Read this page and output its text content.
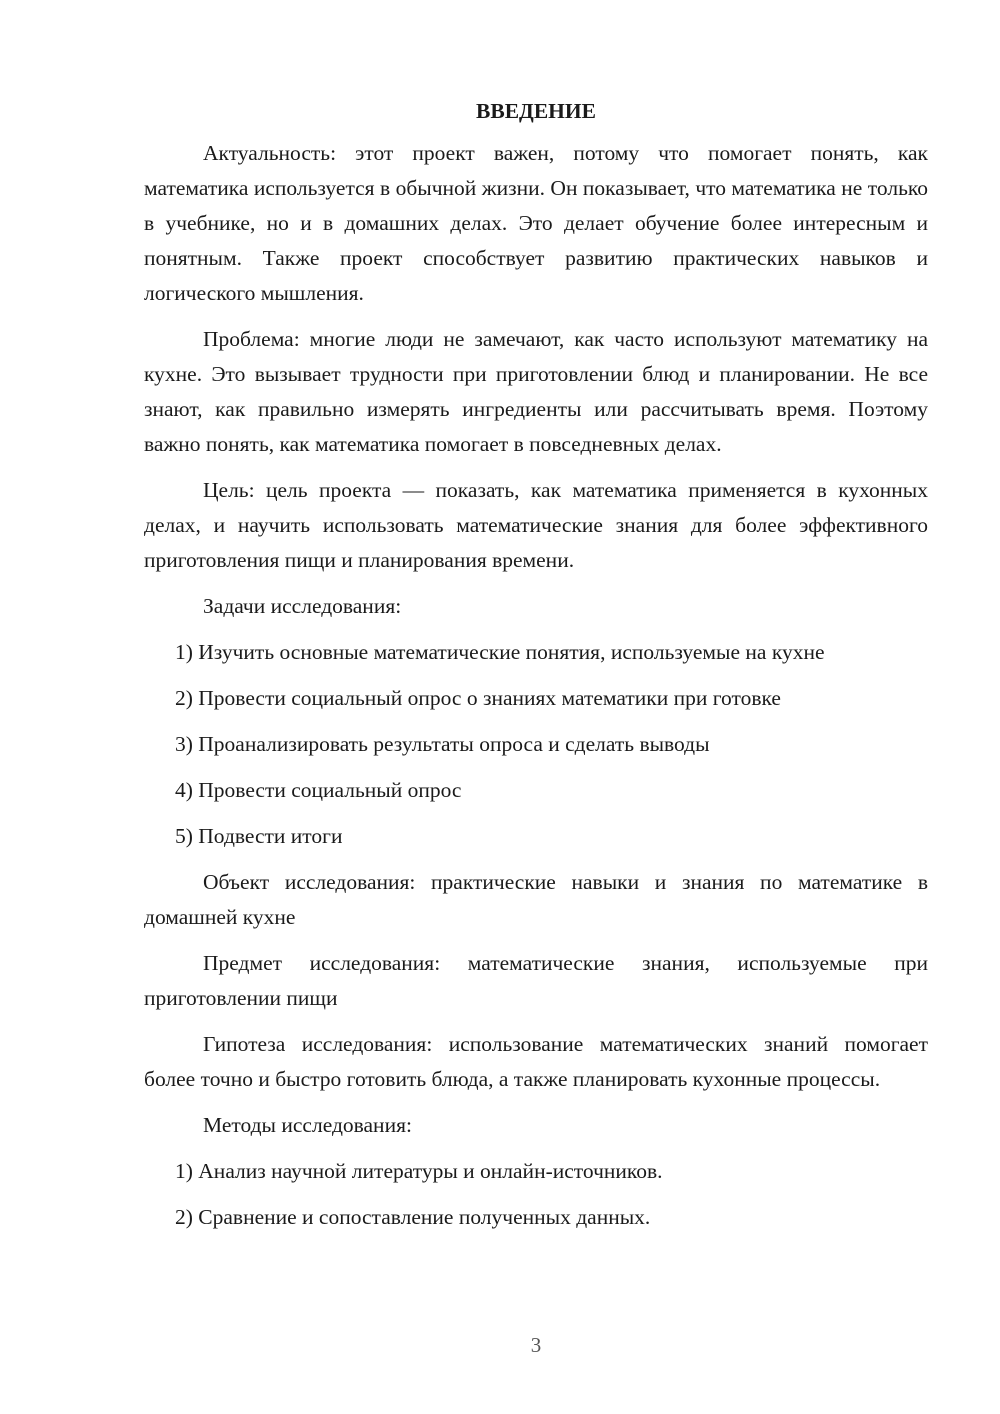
ВВЕДЕНИЕ

Актуальность: этот проект важен, потому что помогает понять, как математика используется в обычной жизни. Он показывает, что математика не только в учебнике, но и в домашних делах. Это делает обучение более интересным и понятным. Также проект способствует развитию практических навыков и логического мышления.

Проблема: многие люди не замечают, как часто используют математику на кухне. Это вызывает трудности при приготовлении блюд и планировании. Не все знают, как правильно измерять ингредиенты или рассчитывать время. Поэтому важно понять, как математика помогает в повседневных делах.

Цель: цель проекта — показать, как математика применяется в кухонных делах, и научить использовать математические знания для более эффективного приготовления пищи и планирования времени.

Задачи исследования:

1) Изучить основные математические понятия, используемые на кухне
2) Провести социальный опрос о знаниях математики при готовке
3) Проанализировать результаты опроса и сделать выводы
4) Провести социальный опрос
5) Подвести итоги

Объект исследования: практические навыки и знания по математике в домашней кухне

Предмет исследования: математические знания, используемые при приготовлении пищи

Гипотеза исследования: использование математических знаний помогает более точно и быстро готовить блюда, а также планировать кухонные процессы.

Методы исследования:

1) Анализ научной литературы и онлайн-источников.
2) Сравнение и сопоставление полученных данных.
3
